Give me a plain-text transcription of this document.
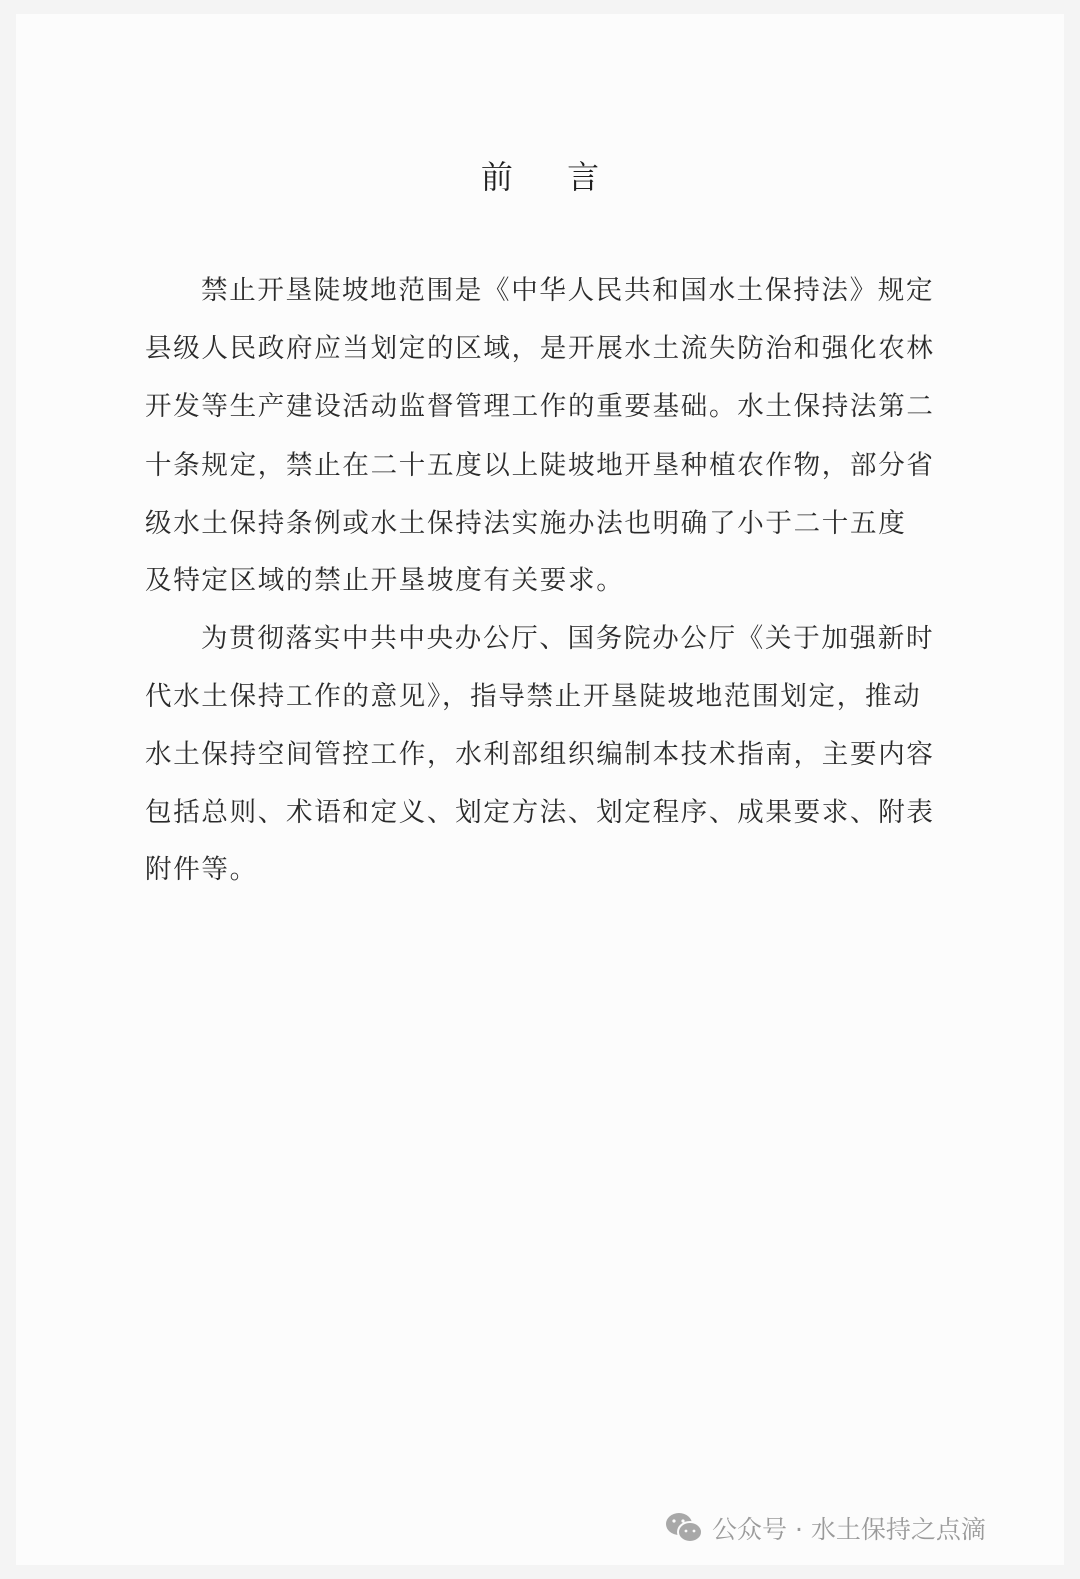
前 言
禁止开垦陡坡地范围是《中华人民共和国水土保持法》规定
县级人民政府应当划定的区域，是开展水土流失防治和强化农林
开发等生产建设活动监督管理工作的重要基础。水土保持法第二
十条规定，禁止在二十五度以上陡坡地开垦种植农作物，部分省
级水土保持条例或水土保持法实施办法也明确了小于二十五度
及特定区域的禁止开垦坡度有关要求。
为贯彻落实中共中央办公厅、国务院办公厅《关于加强新时
代水土保持工作的意见》，指导禁止开垦陡坡地范围划定，推动
水土保持空间管控工作，水利部组织编制本技术指南，主要内容
包括总则、术语和定义、划定方法、划定程序、成果要求、附表
附件等。
公众号 · 水土保持之点滴
